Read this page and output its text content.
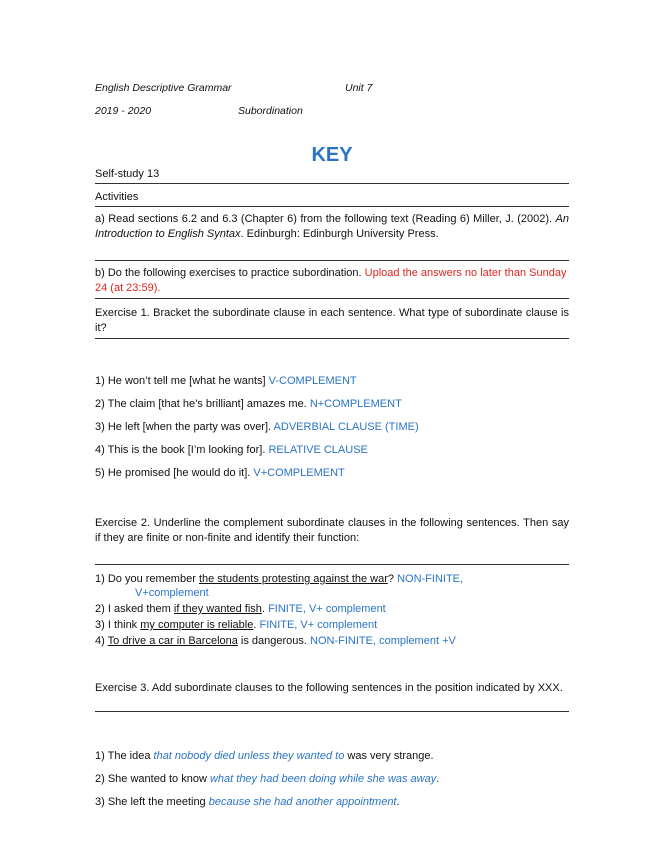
English Descriptive Grammar	Unit 7
2019 - 2020	Subordination
KEY
Self-study 13
Activities
a) Read sections 6.2 and 6.3 (Chapter 6) from the following text (Reading 6) Miller, J. (2002). An Introduction to English Syntax. Edinburgh: Edinburgh University Press.
b) Do the following exercises to practice subordination. Upload the answers no later than Sunday 24 (at 23:59).
Exercise 1. Bracket the subordinate clause in each sentence. What type of subordinate clause is it?
1) He won’t tell me [what he wants] V-COMPLEMENT
2) The claim [that he’s brilliant] amazes me. N+COMPLEMENT
3) He left [when the party was over]. ADVERBIAL CLAUSE (TIME)
4) This is the book [I’m looking for]. RELATIVE CLAUSE
5) He promised [he would do it]. V+COMPLEMENT
Exercise 2. Underline the complement subordinate clauses in the following sentences. Then say if they are finite or non-finite and identify their function:
1) Do you remember the students protesting against the war? NON-FINITE,
V+complement
2) I asked them if they wanted fish. FINITE, V+ complement
3) I think my computer is reliable. FINITE, V+ complement
4) To drive a car in Barcelona is dangerous. NON-FINITE, complement +V
Exercise 3. Add subordinate clauses to the following sentences in the position indicated by XXX.
1) The idea that nobody died unless they wanted to was very strange.
2) She wanted to know what they had been doing while she was away.
3) She left the meeting because she had another appointment.
